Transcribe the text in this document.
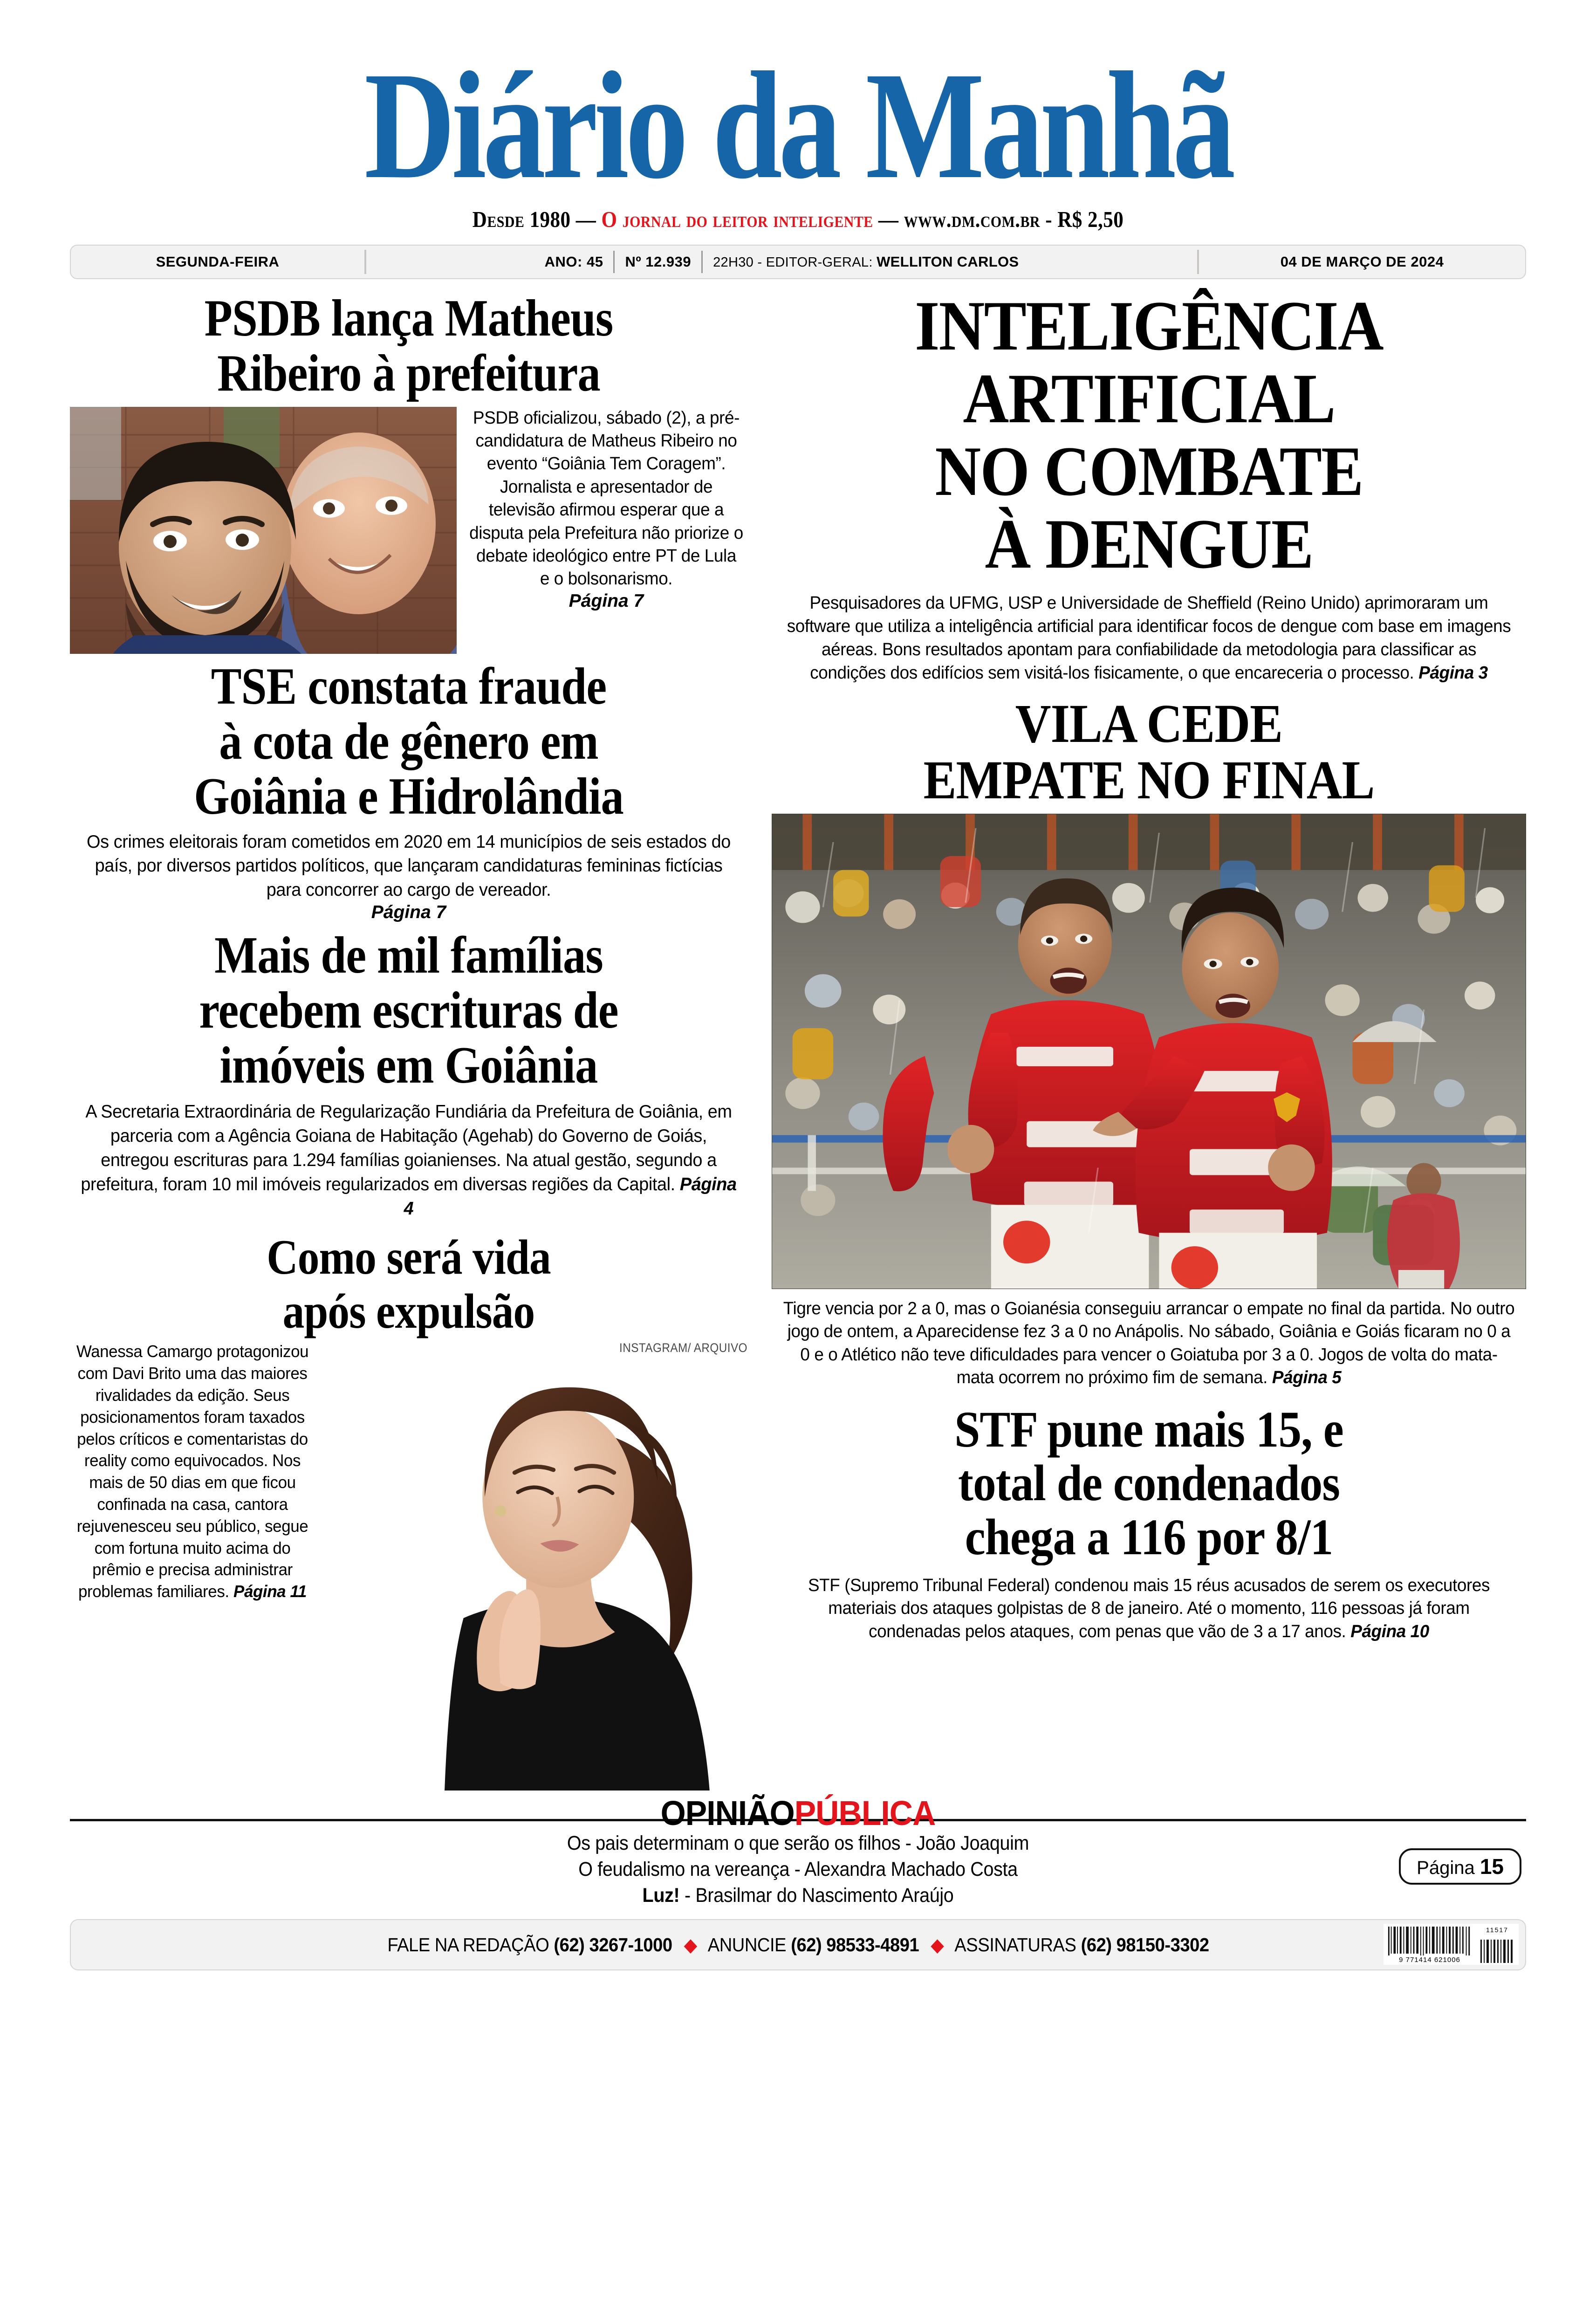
Diário da Manhã
Desde 1980 — O jornal do leitor inteligente — www.dm.com.br - R$ 2,50
SEGUNDA-FEIRA	ANO: 45	Nº 12.939	22H30 - EDITOR-GERAL: WELLITON CARLOS	04 DE MARÇO DE 2024
PSDB lança Matheus
Ribeiro à prefeitura
PSDB oficializou, sábado (2), a pré-candidatura de Matheus Ribeiro no evento “Goiânia Tem Coragem”. Jornalista e apresentador de televisão afirmou esperar que a disputa pela Prefeitura não priorize o debate ideológico entre PT de Lula e o bolsonarismo.
Página 7
TSE constata fraude
à cota de gênero em
Goiânia e Hidrolândia
Os crimes eleitorais foram cometidos em 2020 em 14 municípios de seis estados do país, por diversos partidos políticos, que lançaram candidaturas femininas fictícias para concorrer ao cargo de vereador.
Página 7
Mais de mil famílias
recebem escrituras de
imóveis em Goiânia
A Secretaria Extraordinária de Regularização Fundiária da Prefeitura de Goiânia, em parceria com a Agência Goiana de Habitação (Agehab) do Governo de Goiás, entregou escrituras para 1.294 famílias goianienses. Na atual gestão, segundo a prefeitura, foram 10 mil imóveis regularizados em diversas regiões da Capital. Página 4
Como será vida
após expulsão
Wanessa Camargo protagonizou com Davi Brito uma das maiores rivalidades da edição. Seus posicionamentos foram taxados pelos críticos e comentaristas do reality como equivocados. Nos mais de 50 dias em que ficou confinada na casa, cantora rejuvenesceu seu público, segue com fortuna muito acima do prêmio e precisa administrar problemas familiares. Página 11
INSTAGRAM/ ARQUIVO
INTELIGÊNCIA
ARTIFICIAL
NO COMBATE
À DENGUE
Pesquisadores da UFMG, USP e Universidade de Sheffield (Reino Unido) aprimoraram um software que utiliza a inteligência artificial para identificar focos de dengue com base em imagens aéreas. Bons resultados apontam para confiabilidade da metodologia para classificar as condições dos edifícios sem visitá-los fisicamente, o que encareceria o processo. Página 3
VILA CEDE
EMPATE NO FINAL
Tigre vencia por 2 a 0, mas o Goianésia conseguiu arrancar o empate no final da partida. No outro jogo de ontem, a Aparecidense fez 3 a 0 no Anápolis. No sábado, Goiânia e Goiás ficaram no 0 a 0 e o Atlético não teve dificuldades para vencer o Goiatuba por 3 a 0. Jogos de volta do mata-mata ocorrem no próximo fim de semana. Página 5
STF pune mais 15, e
total de condenados
chega a 116 por 8/1
STF (Supremo Tribunal Federal) condenou mais 15 réus acusados de serem os executores materiais dos ataques golpistas de 8 de janeiro. Até o momento, 116 pessoas já foram condenadas pelos ataques, com penas que vão de 3 a 17 anos. Página 10
OPINIÃOPÚBLICA
Os pais determinam o que serão os filhos - João Joaquim
O feudalismo na vereança - Alexandra Machado Costa
Luz! - Brasilmar do Nascimento Araújo
Página 15
FALE NA REDAÇÃO (62) 3267-1000 ◆ ANUNCIE (62) 98533-4891 ◆ ASSINATURAS (62) 98150-3302
9 771414 621006
11517
